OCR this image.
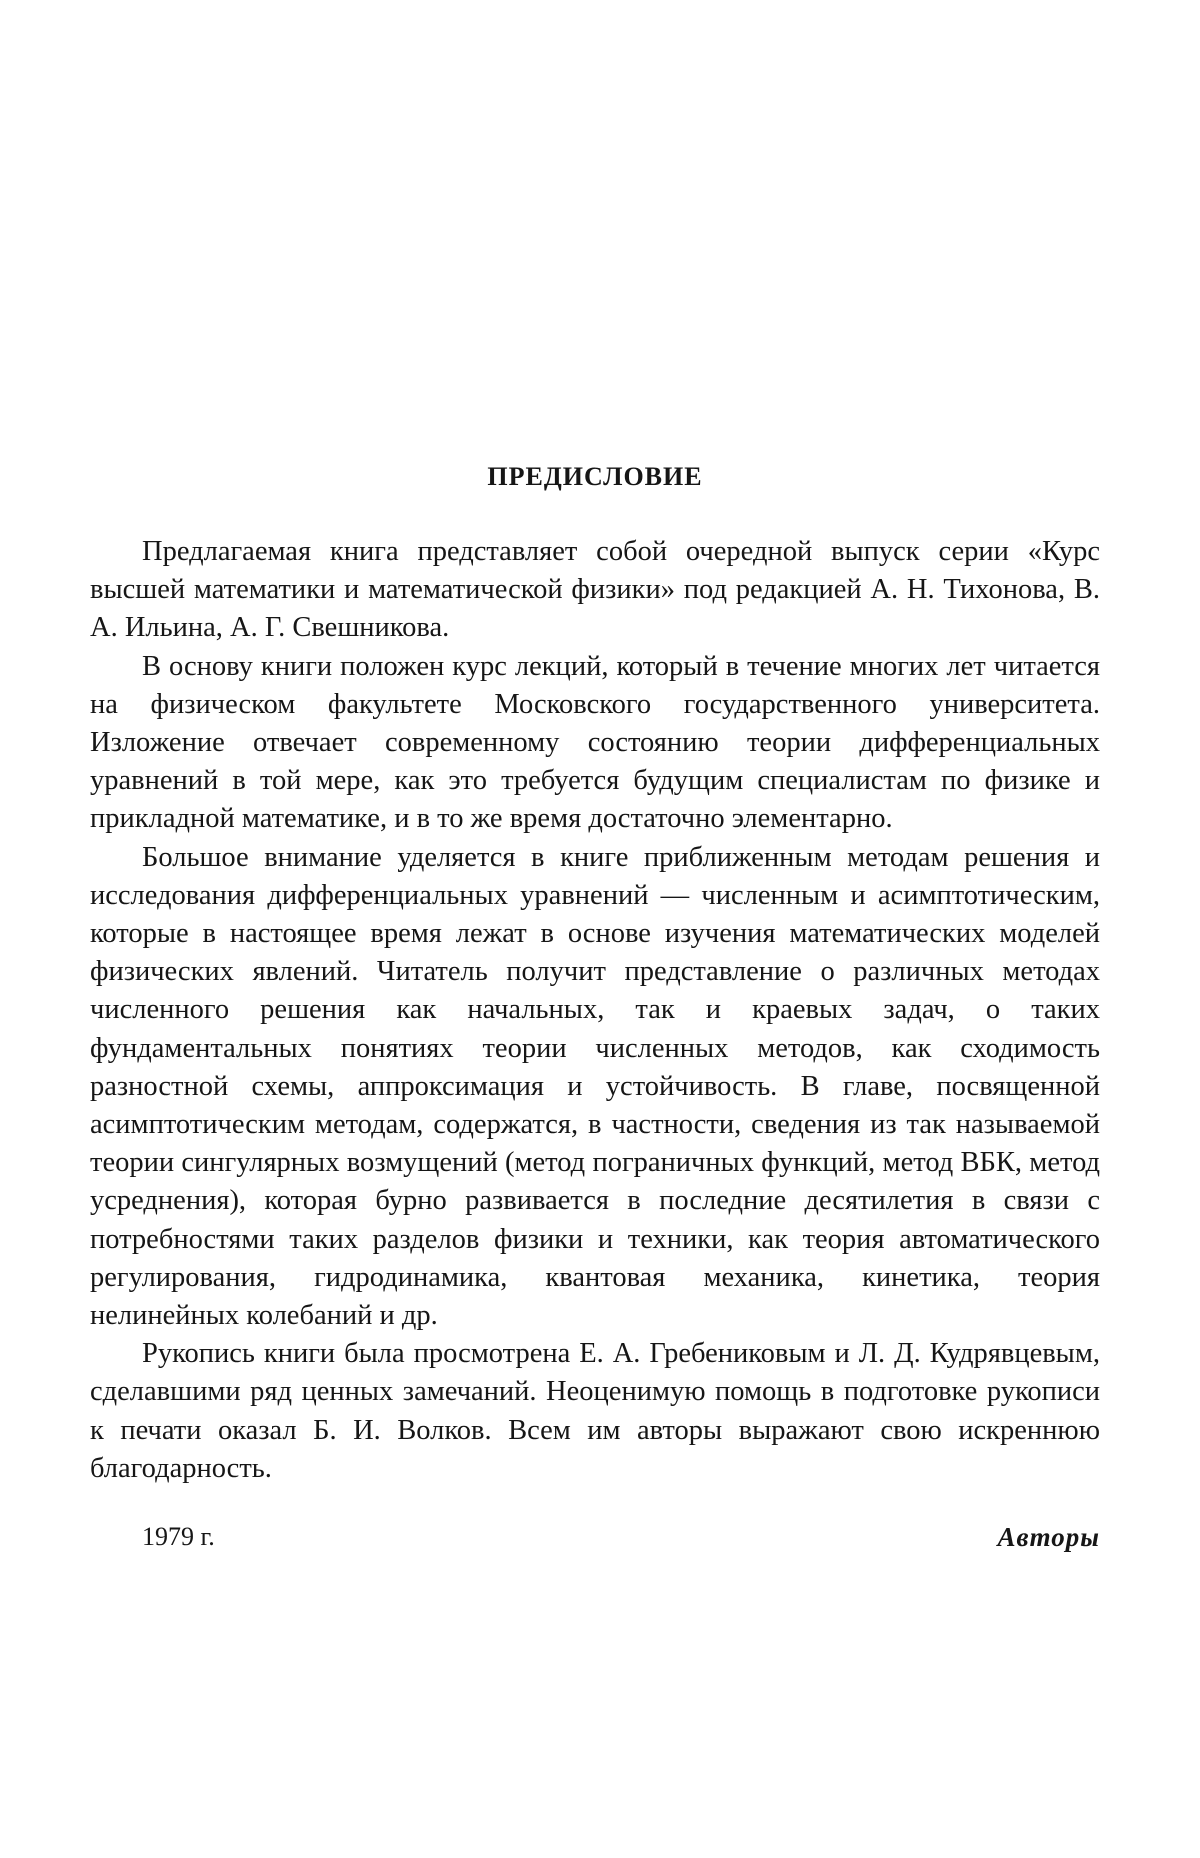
ПРЕДИСЛОВИЕ

Предлагаемая книга представляет собой очередной выпуск серии «Курс высшей математики и математической физики» под редакцией А. Н. Тихонова, В. А. Ильина, А. Г. Свешникова.

В основу книги положен курс лекций, который в течение многих лет читается на физическом факультете Московского государственного университета. Изложение отвечает современному состоянию теории дифференциальных уравнений в той мере, как это требуется будущим специалистам по физике и прикладной математике, и в то же время достаточно элементарно.

Большое внимание уделяется в книге приближенным методам решения и исследования дифференциальных уравнений — численным и асимптотическим, которые в настоящее время лежат в основе изучения математических моделей физических явлений. Читатель получит представление о различных методах численного решения как начальных, так и краевых задач, о таких фундаментальных понятиях теории численных методов, как сходимость разностной схемы, аппроксимация и устойчивость. В главе, посвященной асимптотическим методам, содержатся, в частности, сведения из так называемой теории сингулярных возмущений (метод пограничных функций, метод ВБК, метод усреднения), которая бурно развивается в последние десятилетия в связи с потребностями таких разделов физики и техники, как теория автоматического регулирования, гидродинамика, квантовая механика, кинетика, теория нелинейных колебаний и др.

Рукопись книги была просмотрена Е. А. Гребениковым и Л. Д. Кудрявцевым, сделавшими ряд ценных замечаний. Неоценимую помощь в подготовке рукописи к печати оказал Б. И. Волков. Всем им авторы выражают свою искреннюю благодарность.

1979 г.	Авторы
